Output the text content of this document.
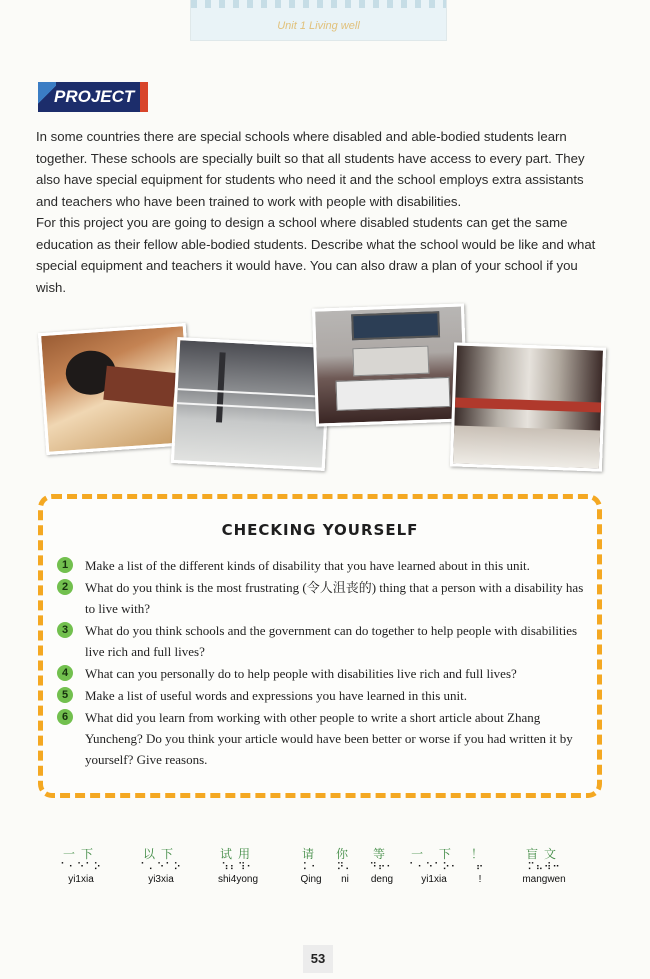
Unit 1 Living well
PROJECT

In some countries there are special schools where disabled and able-bodied students learn together. These schools are specially built so that all students have access to every part. They also have special equipment for students who need it and the school employs extra assistants and teachers who have been trained to work with people with disabilities.

For this project you are going to design a school where disabled students can get the same education as their fellow able-bodied students. Describe what the school would be like and what special equipment and teachers it would have. You can also draw a plan of your school if you wish.

CHECKING YOURSELF
1	Make a list of the different kinds of disability that you have learned about in this unit.
2	What do you think is the most frustrating (令人沮丧的) thing that a person with a disability has to live with?
3	What do you think schools and the government can do together to help people with disabilities live rich and full lives?
4	What can you personally do to help people with disabilities live rich and full lives?
5	Make a list of useful words and expressions you have learned in this unit.
6	What did you learn from working with other people to write a short article about Zhang Yuncheng? Do you think your article would have been better or worse if you had written it by yourself? Give reasons.
一下
⠁⠂⠑⠁⠕
yi1xia
以下
⠁⠄⠑⠁⠕
yi3xia
试用
⠱⠆⠹⠂
shi4yong
请
⠅⠂
Qing
你
⠝⠄
ni
等
⠙⠖⠂
deng
一 下
⠁⠂⠑⠁⠕⠂
yi1xia
！
⠖
!
盲文
⠍⠦⠺⠒
mangwen
53
